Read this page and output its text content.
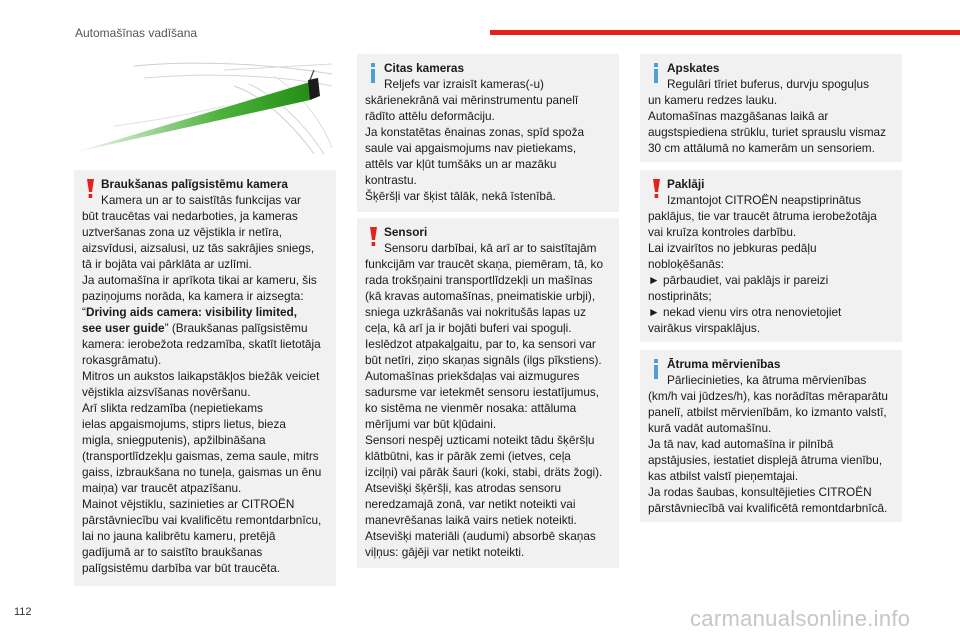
Automašīnas vadīšana

Braukšanas palīgsistēmu kamera

Kamera un ar to saistītās funkcijas var

būt traucētas vai nedarboties, ja kameras

uztveršanas zona uz vējstikla ir netīra,

aizsvīdusi, aizsalusi, uz tās sakrājies sniegs,

tā ir bojāta vai pārklāta ar uzlīmi.

Ja automašīna ir aprīkota tikai ar kameru, šis

paziņojums norāda, ka kamera ir aizsegta:

“Driving aids camera: visibility limited,

see user guide” (Braukšanas palīgsistēmu

kamera: ierobežota redzamība, skatīt lietotāja

rokasgrāmatu).

Mitros un aukstos laikapstākļos biežāk veiciet

vējstikla aizsvīšanas novēršanu.

Arī slikta redzamība (nepietiekams

ielas apgaismojums, stiprs lietus, bieza

migla, sniegputenis), apžilbināšana

(transportlīdzekļu gaismas, zema saule, mitrs

gaiss, izbraukšana no tuneļa, gaismas un ēnu

maiņa) var traucēt atpazīšanu.

Mainot vējstiklu, sazinieties ar CITROËN

pārstāvniecību vai kvalificētu remontdarbnīcu,

lai no jauna kalibrētu kameru, pretējā

gadījumā ar to saistīto braukšanas

palīgsistēmu darbība var būt traucēta.

Citas kameras

Reljefs var izraisīt kameras(-u)

skārienekrānā vai mērinstrumentu panelī

rādīto attēlu deformāciju.

Ja konstatētas ēnainas zonas, spīd spoža

saule vai apgaismojums nav pietiekams,

attēls var kļūt tumšāks un ar mazāku

kontrastu.

Šķēršļi var šķist tālāk, nekā īstenībā.

Sensori

Sensoru darbībai, kā arī ar to saistītajām

funkcijām var traucēt skaņa, piemēram, tā, ko

rada trokšņaini transportlīdzekļi un mašīnas

(kā kravas automašīnas, pneimatiskie urbji),

sniega uzkrāšanās vai nokritušās lapas uz

ceļa, kā arī ja ir bojāti buferi vai spoguļi.

Ieslēdzot atpakaļgaitu, par to, ka sensori var

būt netīri, ziņo skaņas signāls (ilgs pīkstiens).

Automašīnas priekšdaļas vai aizmugures

sadursme var ietekmēt sensoru iestatījumus,

ko sistēma ne vienmēr nosaka: attāluma

mērījumi var būt kļūdaini.

Sensori nespēj uzticami noteikt tādu šķēršļu

klātbūtni, kas ir pārāk zemi (ietves, ceļa

izciļņi) vai pārāk šauri (koki, stabi, dräts žogi).

Atsevišķi šķēršļi, kas atrodas sensoru

neredzamajā zonā, var netikt noteikti vai

manevrēšanas laikā vairs netiek noteikti.

Atsevišķi materiāli (audumi) absorbē skaņas

viļņus: gājēji var netikt noteikti.

Apskates

Regulāri tīriet buferus, durvju spoguļus

un kameru redzes lauku.

Automašīnas mazgāšanas laikā ar

augstspiediena strūklu, turiet sprauslu vismaz

30 cm attālumā no kamerām un sensoriem.

Paklāji

Izmantojot CITROËN neapstiprinātus

paklājus, tie var traucēt ātruma ierobežotāja

vai kruīza kontroles darbību.

Lai izvairītos no jebkuras pedāļu

nobloķēšanās:

► pārbaudiet, vai paklājs ir pareizi

nostiprināts;

► nekad vienu virs otra nenovietojiet

vairākus virspaklājus.

Ātruma mērvienības

Pārliecinieties, ka ātruma mērvienības

(km/h vai jūdzes/h), kas norādītas mēraparātu

panelī, atbilst mērvienībām, ko izmanto valstī,

kurā vadāt automašīnu.

Ja tā nav, kad automašīna ir pilnībā

apstājusies, iestatiet displejā ātruma vienību,

kas atbilst valstī pieņemtajai.

Ja rodas šaubas, konsultējieties CITROËN

pārstāvniecībā vai kvalificētā remontdarbnīcā.

112	carmanualsonline.info
